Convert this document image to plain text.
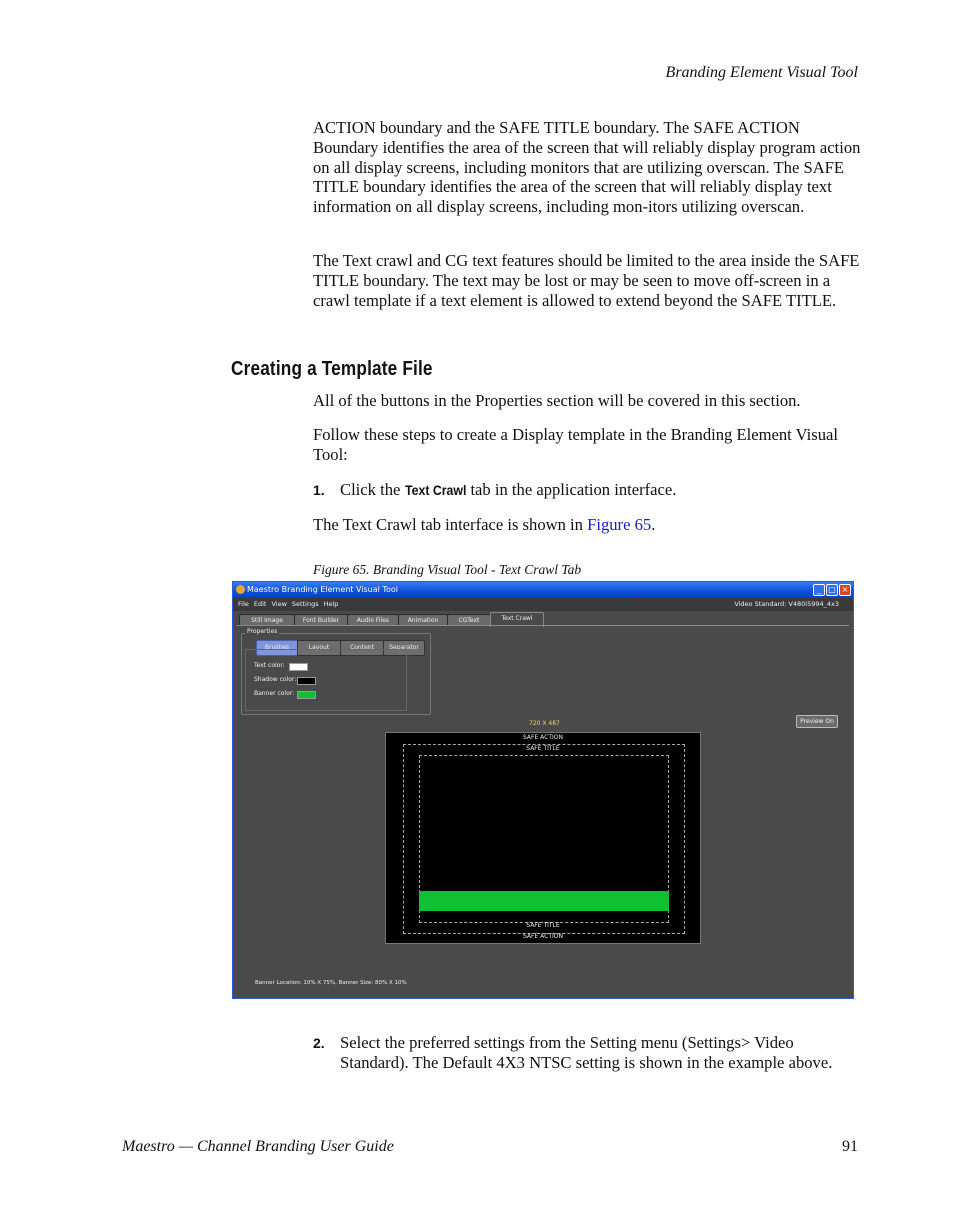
Branding Element Visual Tool

ACTION boundary and the SAFE TITLE boundary. The SAFE ACTION Boundary identifies the area of the screen that will reliably display program action on all display screens, including monitors that are utilizing overscan. The SAFE TITLE boundary identifies the area of the screen that will reliably display text information on all display screens, including mon-itors utilizing overscan.

The Text crawl and CG text features should be limited to the area inside the SAFE TITLE boundary. The text may be lost or may be seen to move off-screen in a crawl template if a text element is allowed to extend beyond the SAFE TITLE.

Creating a Template File
All of the buttons in the Properties section will be covered in this section.
Follow these steps to create a Display template in the Branding Element Visual Tool:
1. Click the Text Crawl tab in the application interface.
The Text Crawl tab interface is shown in Figure 65.
Figure 65. Branding Visual Tool - Text Crawl Tab
Maestro Branding Element Visual Tool	_ □ ×
File Edit View Settings Help	Video Standard: V480i5994_4x3
Still Image	Font Builder	Audio Files	Animation	CGText	Text Crawl
Properties
Brushes	Layout	Content	Separator
Text color:
Shadow color:
Banner color:
720 X 487	Preview On
SAFE ACTION
SAFE TITLE
SAFE TITLE
SAFE ACTION
Banner Location: 10% X 75%, Banner Size: 80% X 10%
2. Select the preferred settings from the Setting menu (Settings> Video Standard). The Default 4X3 NTSC setting is shown in the example above.
Maestro — Channel Branding User Guide	91
